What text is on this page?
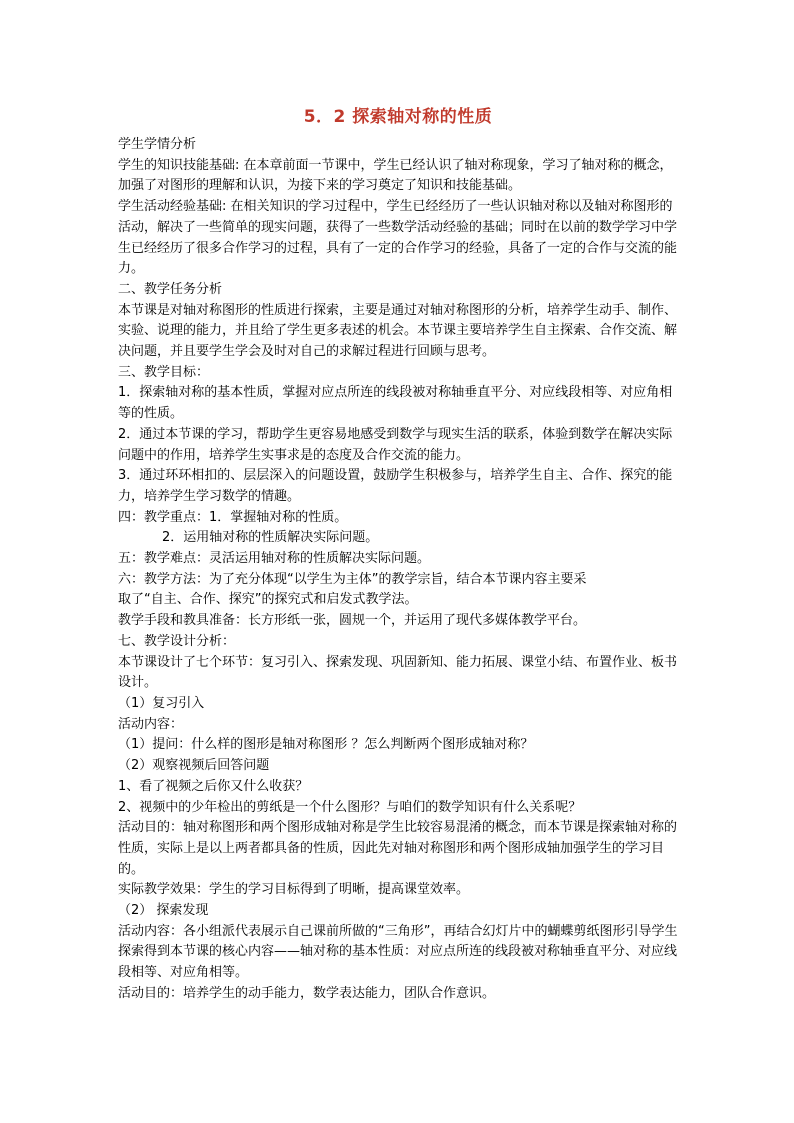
5．2 探索轴对称的性质

学生学情分析

学生的知识技能基础: 在本章前面一节课中，学生已经认识了轴对称现象，学习了轴对称的概念，加强了对图形的理解和认识，为接下来的学习奠定了知识和技能基础。

学生活动经验基础: 在相关知识的学习过程中，学生已经经历了一些认识轴对称以及轴对称图形的活动，解决了一些简单的现实问题，获得了一些数学活动经验的基础；同时在以前的数学学习中学生已经经历了很多合作学习的过程，具有了一定的合作学习的经验，具备了一定的合作与交流的能力。

二、教学任务分析

本节课是对轴对称图形的性质进行探索，主要是通过对轴对称图形的分析，培养学生动手、制作、实验、说理的能力，并且给了学生更多表述的机会。本节课主要培养学生自主探索、合作交流、解决问题，并且要学生学会及时对自己的求解过程进行回顾与思考。

三、教学目标：

1．探索轴对称的基本性质，掌握对应点所连的线段被对称轴垂直平分、对应线段相等、对应角相等的性质。

2．通过本节课的学习，帮助学生更容易地感受到数学与现实生活的联系，体验到数学在解决实际问题中的作用，培养学生实事求是的态度及合作交流的能力。

3．通过环环相扣的、层层深入的问题设置，鼓励学生积极参与，培养学生自主、合作、探究的能力，培养学生学习数学的情趣。

四：教学重点：1．掌握轴对称的性质。

2．运用轴对称的性质解决实际问题。

五：教学难点：灵活运用轴对称的性质解决实际问题。

六：教学方法：为了充分体现“以学生为主体”的教学宗旨，结合本节课内容主要采

取了“自主、合作、探究”的探究式和启发式教学法。

教学手段和教具准备：长方形纸一张，圆规一个，并运用了现代多媒体教学平台。

七、教学设计分析：

本节课设计了七个环节：复习引入、探索发现、巩固新知、能力拓展、课堂小结、布置作业、板书设计。

（1）复习引入

活动内容：

（1）提问：什么样的图形是轴对称图形 ？怎么判断两个图形成轴对称？

（2）观察视频后回答问题

1、看了视频之后你又什么收获？

2、视频中的少年检出的剪纸是一个什么图形？与咱们的数学知识有什么关系呢？

活动目的：轴对称图形和两个图形成轴对称是学生比较容易混淆的概念，而本节课是探索轴对称的性质，实际上是以上两者都具备的性质，因此先对轴对称图形和两个图形成轴加强学生的学习目的。

实际教学效果：学生的学习目标得到了明晰，提高课堂效率。

（2） 探索发现

活动内容：各小组派代表展示自己课前所做的“三角形”，再结合幻灯片中的蝴蝶剪纸图形引导学生探索得到本节课的核心内容——轴对称的基本性质：对应点所连的线段被对称轴垂直平分、对应线段相等、对应角相等。

活动目的：培养学生的动手能力，数学表达能力，团队合作意识。
